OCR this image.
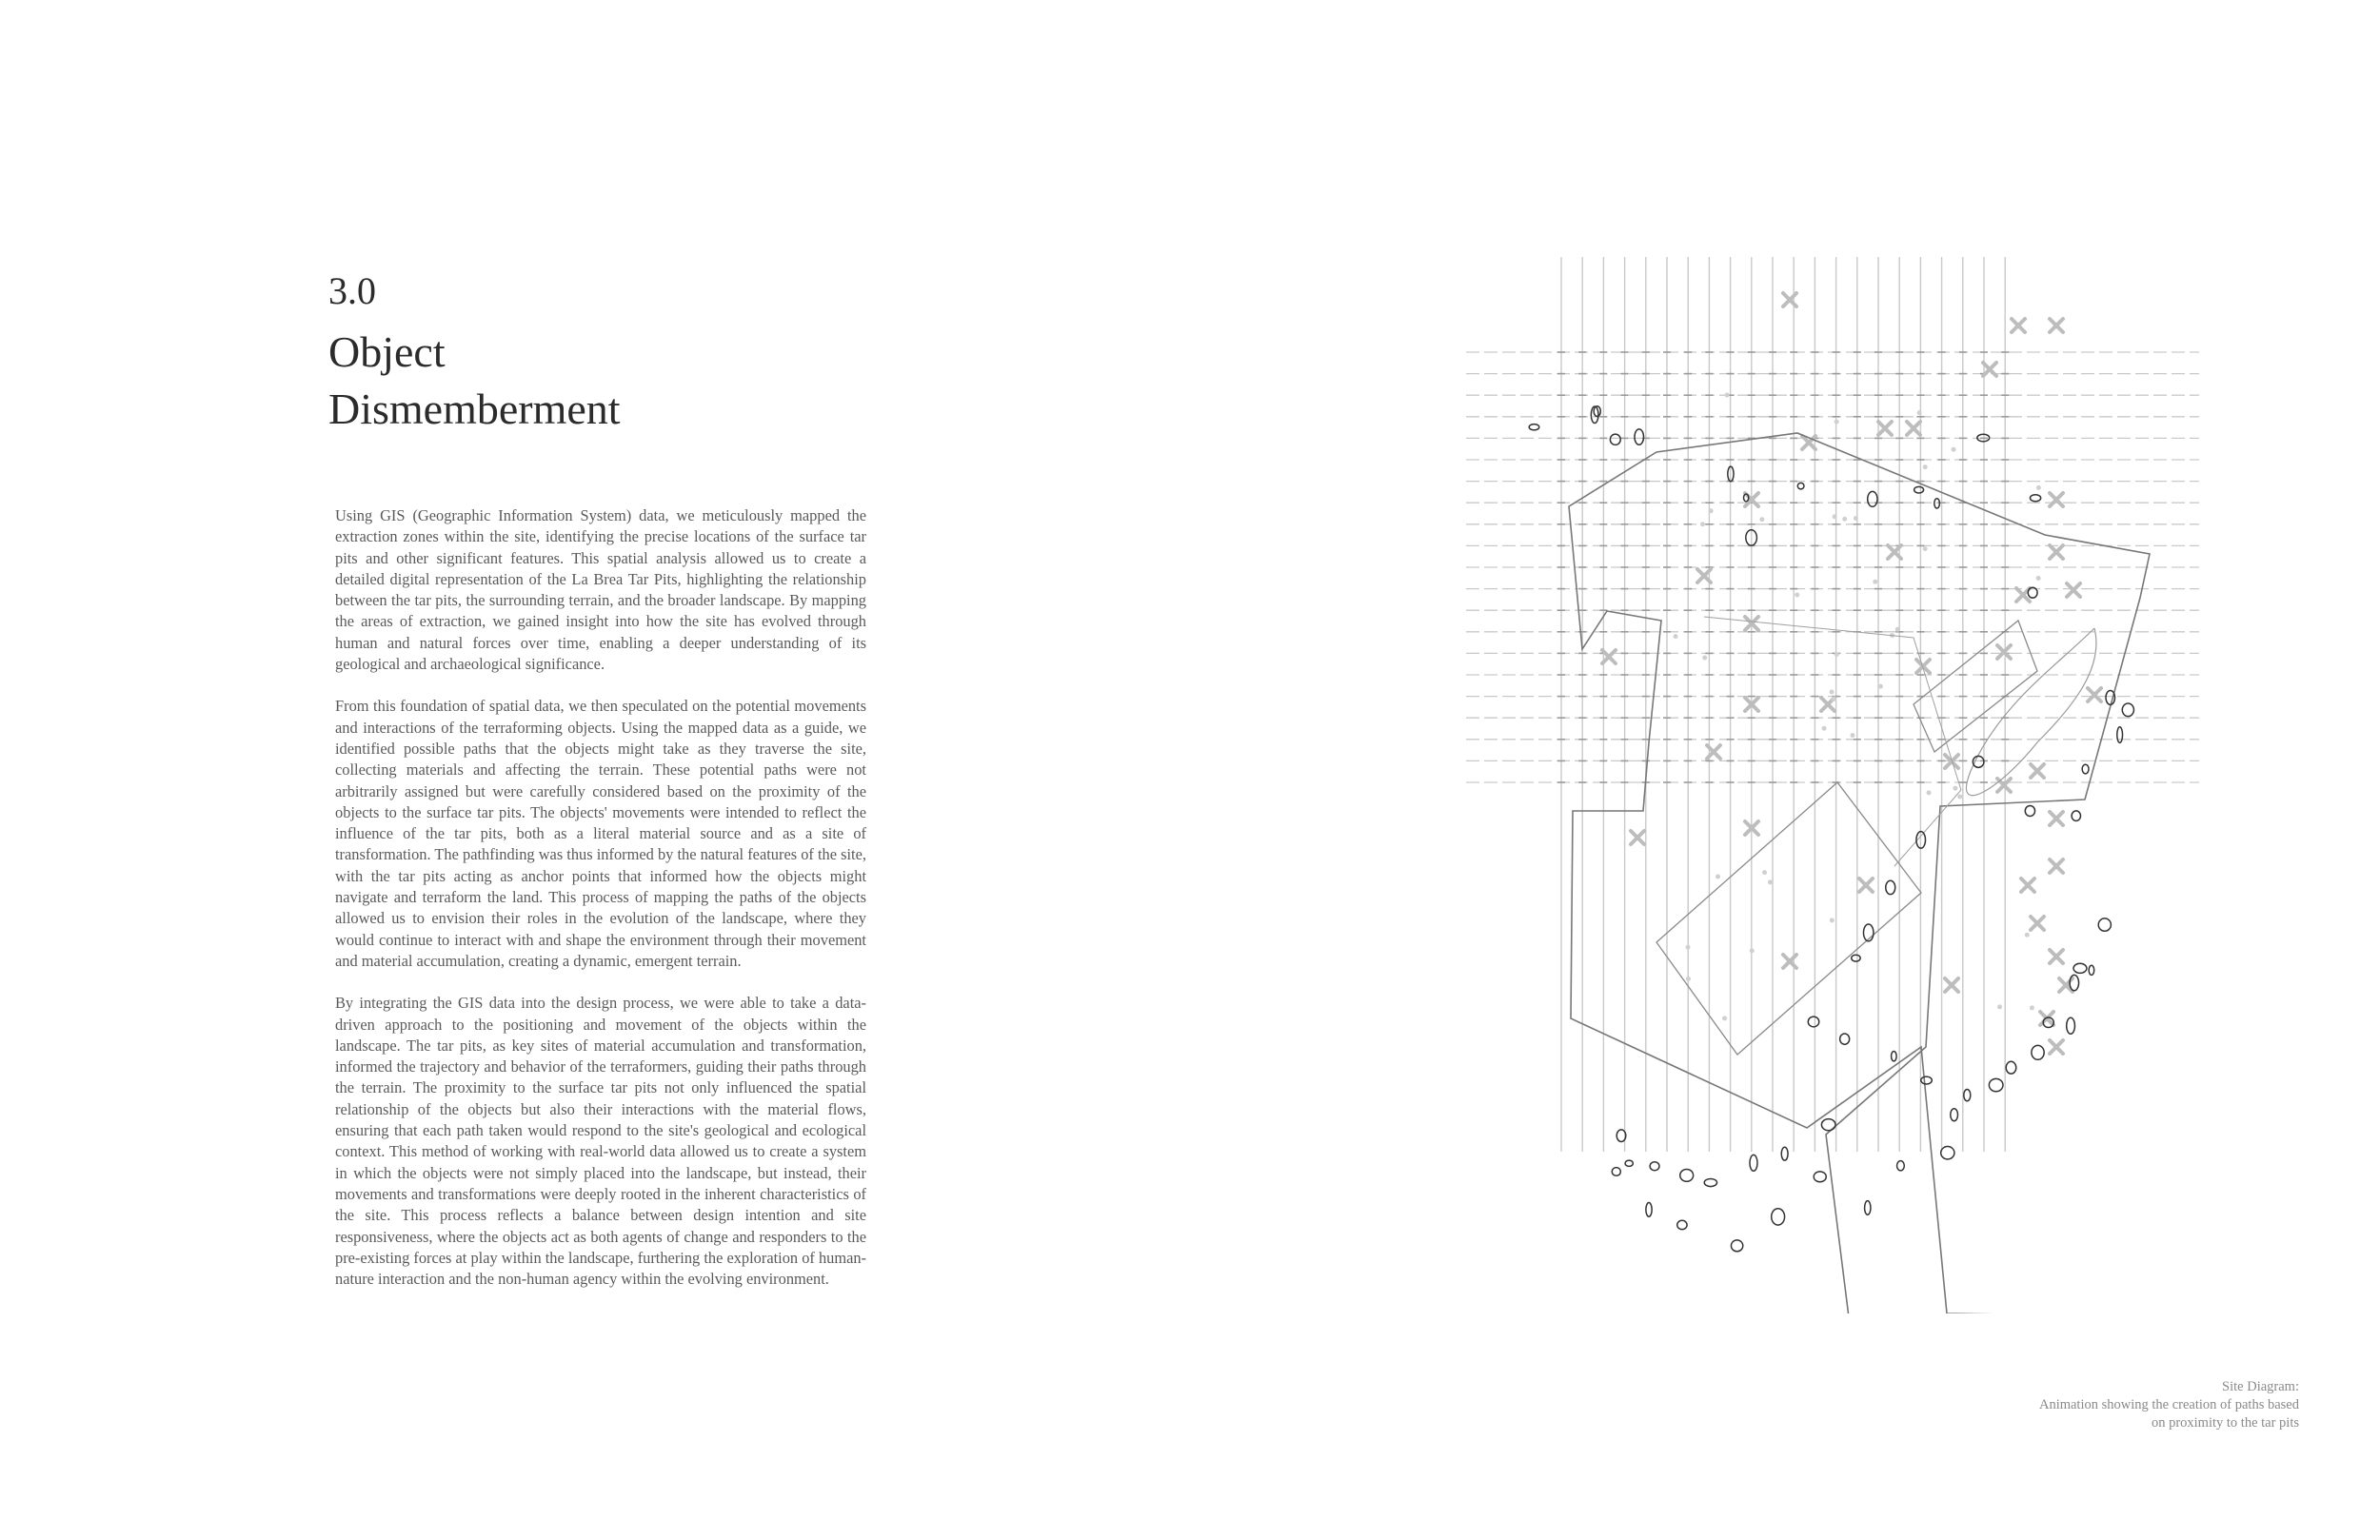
3.0
Object
Dismemberment

Using GIS (Geographic Information System) data, we meticulously mapped the extraction zones within the site, identifying the precise locations of the surface tar pits and other significant features. This spatial analysis allowed us to create a detailed digital representation of the La Brea Tar Pits, highlighting the relationship between the tar pits, the surrounding terrain, and the broader landscape. By mapping the areas of extraction, we gained insight into how the site has evolved through human and natural forces over time, enabling a deeper understanding of its geological and archaeological significance.

From this foundation of spatial data, we then speculated on the potential movements and interactions of the terraforming objects. Using the mapped data as a guide, we identified possible paths that the objects might take as they traverse the site, collecting materials and affecting the terrain. These potential paths were not arbitrarily assigned but were carefully considered based on the proximity of the objects to the surface tar pits. The objects' movements were intended to reflect the influence of the tar pits, both as a literal material source and as a site of transformation. The pathfinding was thus informed by the natural features of the site, with the tar pits acting as anchor points that informed how the objects might navigate and terraform the land. This process of mapping the paths of the objects allowed us to envision their roles in the evolution of the landscape, where they would continue to interact with and shape the environment through their movement and material accumulation, creating a dynamic, emergent terrain.

By integrating the GIS data into the design process, we were able to take a data-driven approach to the positioning and movement of the objects within the landscape. The tar pits, as key sites of material accumulation and transformation, informed the trajectory and behavior of the terraformers, guiding their paths through the terrain. The proximity to the surface tar pits not only influenced the spatial relationship of the objects but also their interactions with the material flows, ensuring that each path taken would respond to the site's geological and ecological context. This method of working with real-world data allowed us to create a system in which the objects were not simply placed into the landscape, but instead, their movements and transformations were deeply rooted in the inherent characteristics of the site. This process reflects a balance between design intention and site responsiveness, where the objects act as both agents of change and responders to the pre-existing forces at play within the landscape, furthering the exploration of human-nature interaction and the non-human agency within the evolving environment.

Site Diagram:
Animation showing the creation of paths based
on proximity to the tar pits
